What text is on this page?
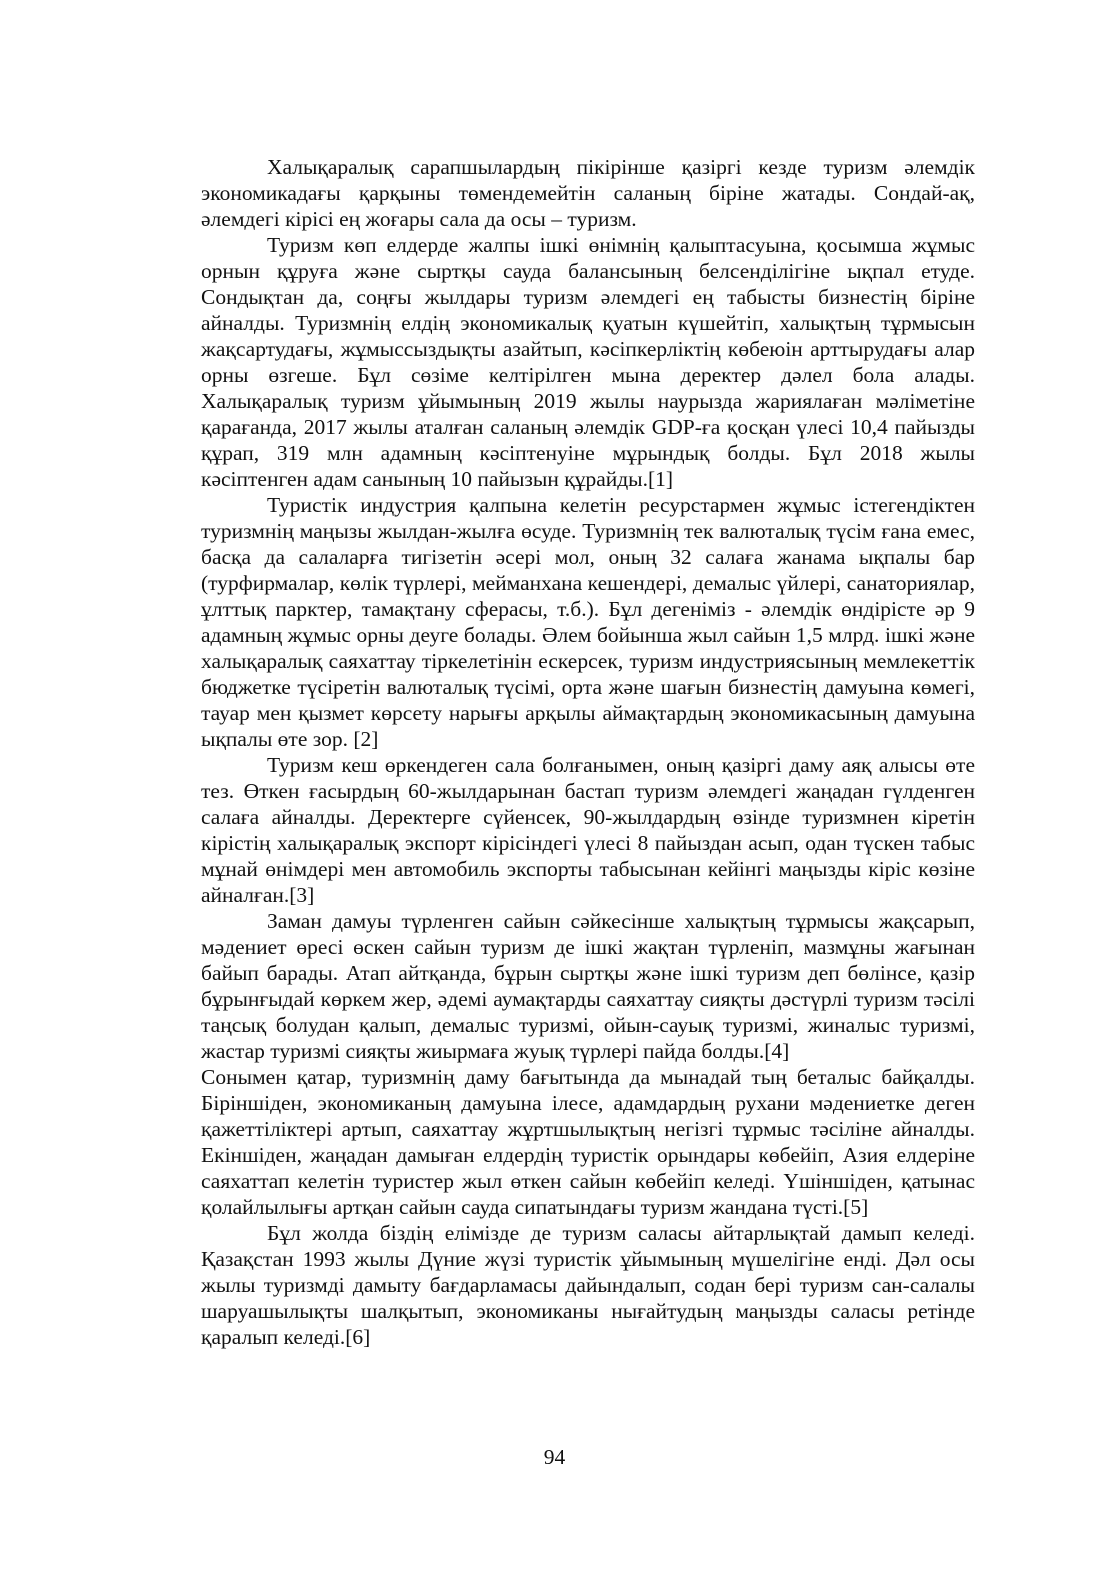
Халықаралық сарапшылардың пікірінше қазіргі кезде туризм әлемдік экономикадағы қарқыны төмендемейтін саланың біріне жатады. Сондай-ақ, әлемдегі кірісі ең жоғары сала да осы – туризм.

Туризм көп елдерде жалпы ішкі өнімнің қалыптасуына, қосымша жұмыс орнын құруға және сыртқы сауда балансының белсенділігіне ықпал етуде. Сондықтан да, соңғы жылдары туризм әлемдегі ең табысты бизнестің біріне айналды. Туризмнің елдің экономикалық қуатын күшейтіп, халықтың тұрмысын жақсартудағы, жұмыссыздықты азайтып, кәсіпкерліктің көбеюін арттырудағы алар орны өзгеше. Бұл сөзіме келтірілген мына деректер дәлел бола алады. Халықаралық туризм ұйымының 2019 жылы наурызда жариялаған мәліметіне қарағанда, 2017 жылы аталған саланың әлемдік GDP-ға қосқан үлесі 10,4 пайызды құрап, 319 млн адамның кәсіптенуіне мұрындық болды. Бұл 2018 жылы кәсіптенген адам санының 10 пайызын құрайды.[1]

Туристік индустрия қалпына келетін ресурстармен жұмыс істегендіктен туризмнің маңызы жылдан-жылға өсуде. Туризмнің тек валюталық түсім ғана емес, басқа да салаларға тигізетін әсері мол, оның 32 салаға жанама ықпалы бар (турфирмалар, көлік түрлері, мейманхана кешендері, демалыс үйлері, санаториялар, ұлттық парктер, тамақтану сферасы, т.б.). Бұл дегеніміз - әлемдік өндірісте әр 9 адамның жұмыс орны деуге болады. Әлем бойынша жыл сайын 1,5 млрд. ішкі және халықаралық саяхаттау тіркелетінін ескерсек, туризм индустриясының мемлекеттік бюджетке түсіретін валюталық түсімі, орта және шағын бизнестің дамуына көмегі, тауар мен қызмет көрсету нарығы арқылы аймақтардың экономикасының дамуына ықпалы өте зор. [2]

Туризм кеш өркендеген сала болғанымен, оның қазіргі даму аяқ алысы өте тез. Өткен ғасырдың 60-жылдарынан бастап туризм әлемдегі жаңадан гүлденген салаға айналды. Деректерге сүйенсек, 90-жылдардың өзінде туризмнен кіретін кірістің халықаралық экспорт кірісіндегі үлесі 8 пайыздан асып, одан түскен табыс мұнай өнімдері мен автомобиль экспорты табысынан кейінгі маңызды кіріс көзіне айналған.[3]

Заман дамуы түрленген сайын сәйкесінше халықтың тұрмысы жақсарып, мәдениет өресі өскен сайын туризм де ішкі жақтан түрленіп, мазмұны жағынан байып барады. Атап айтқанда, бұрын сыртқы және ішкі туризм деп бөлінсе, қазір бұрынғыдай көркем жер, әдемі аумақтарды саяхаттау сияқты дәстүрлі туризм тәсілі таңсық болудан қалып, демалыс туризмі, ойын-сауық туризмі, жиналыс туризмі, жастар туризмі сияқты жиырмаға жуық түрлері пайда болды.[4]

Сонымен қатар, туризмнің даму бағытында да мынадай тың беталыс байқалды. Біріншіден, экономиканың дамуына ілесе, адамдардың рухани мәдениетке деген қажеттіліктері артып, саяхаттау жұртшылықтың негізгі тұрмыс тәсіліне айналды. Екіншіден, жаңадан дамыған елдердің туристік орындары көбейіп, Азия елдеріне саяхаттап келетін туристер жыл өткен сайын көбейіп келеді. Үшіншіден, қатынас қолайлылығы артқан сайын сауда сипатындағы туризм жандана түсті.[5]

Бұл жолда біздің елімізде де туризм саласы айтарлықтай дамып келеді. Қазақстан 1993 жылы Дүние жүзі туристік ұйымының мүшелігіне енді. Дәл осы жылы туризмді дамыту бағдарламасы дайындалып, содан бері туризм сан-салалы шаруашылықты шалқытып, экономиканы нығайтудың маңызды саласы ретінде қаралып келеді.[6]

94
